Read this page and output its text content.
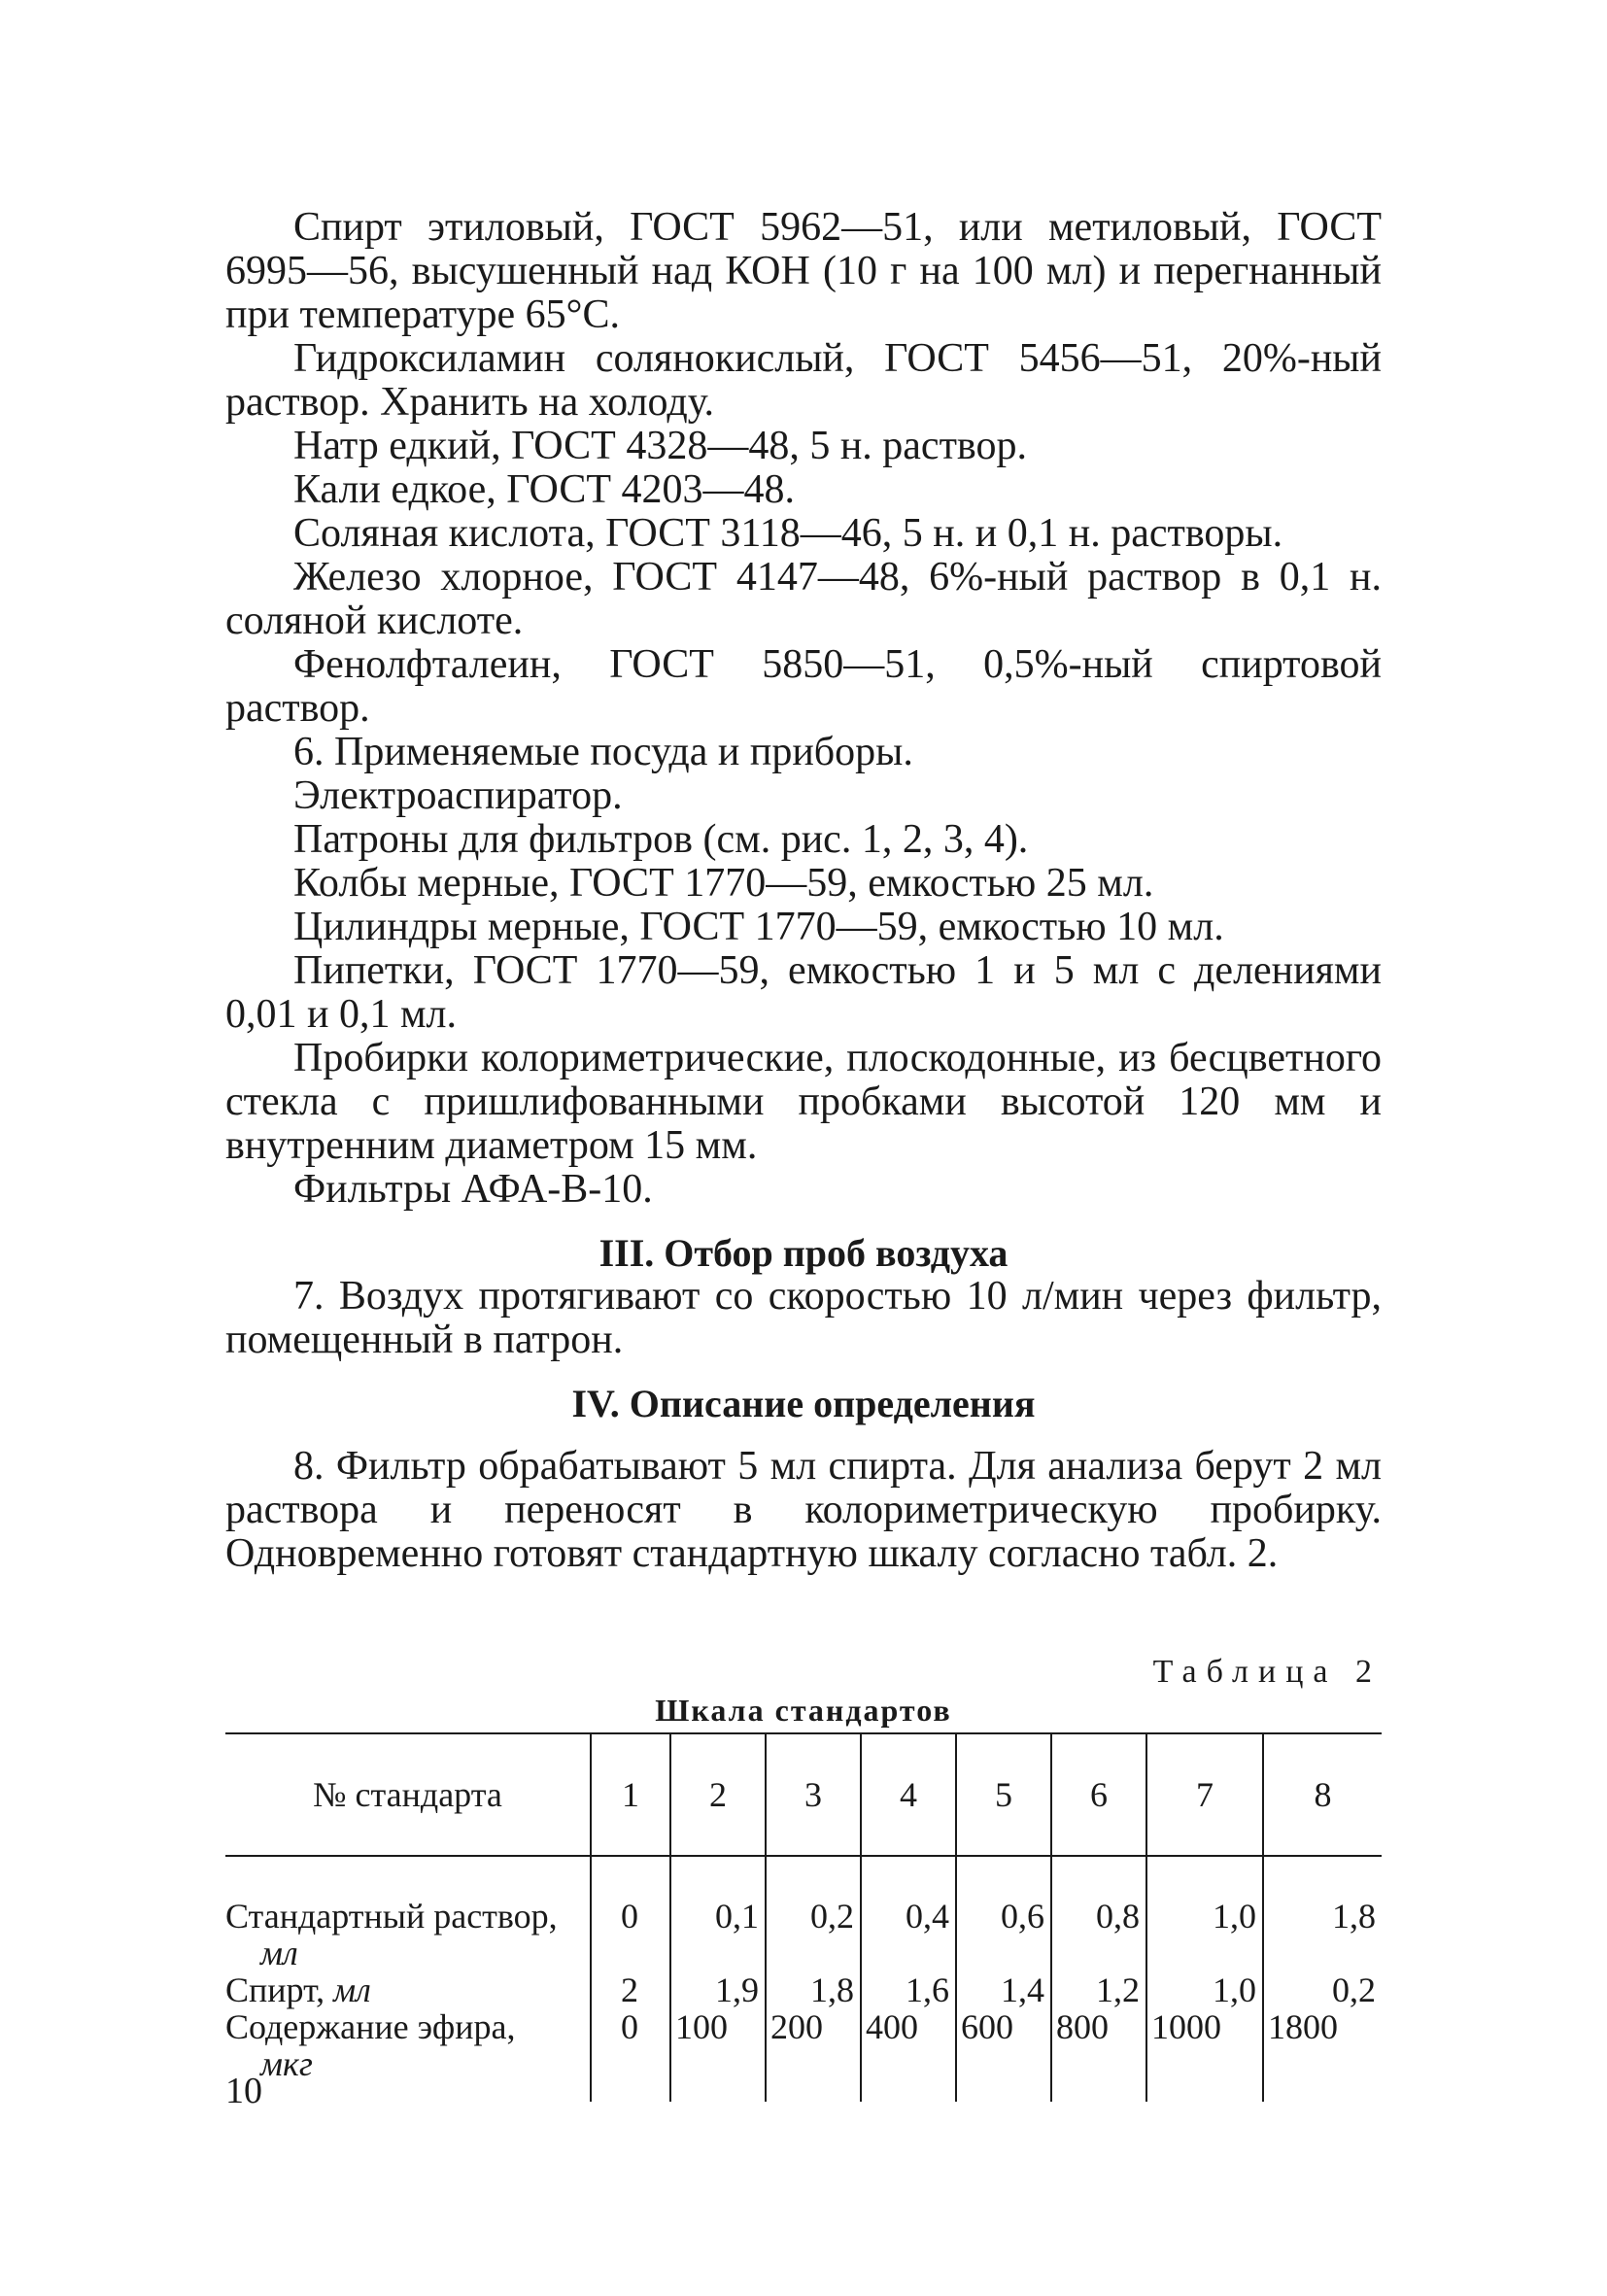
Спирт этиловый, ГОСТ 5962—51, или метиловый, ГОСТ 6995—56, высушенный над КОН (10 г на 100 мл) и перегнанный при температуре 65°С.

Гидроксиламин солянокислый, ГОСТ 5456—51, 20%-ный раствор. Хранить на холоду.

Натр едкий, ГОСТ 4328—48, 5 н. раствор.

Кали едкое, ГОСТ 4203—48.

Соляная кислота, ГОСТ 3118—46, 5 н. и 0,1 н. растворы.

Железо хлорное, ГОСТ 4147—48, 6%-ный раствор в 0,1 н. соляной кислоте.

Фенолфталеин, ГОСТ 5850—51, 0,5%-ный спиртовой раствор.

6. Применяемые посуда и приборы.

Электроаспиратор.

Патроны для фильтров (см. рис. 1, 2, 3, 4).

Колбы мерные, ГОСТ 1770—59, емкостью 25 мл.

Цилиндры мерные, ГОСТ 1770—59, емкостью 10 мл.

Пипетки, ГОСТ 1770—59, емкостью 1 и 5 мл с делениями 0,01 и 0,1 мл.

Пробирки колориметрические, плоскодонные, из бесцветного стекла с пришлифованными пробками высотой 120 мм и внутренним диаметром 15 мм.

Фильтры АФА-В-10.

III. Отбор проб воздуха

7. Воздух протягивают со скоростью 10 л/мин через фильтр, помещенный в патрон.

IV. Описание определения

8. Фильтр обрабатывают 5 мл спирта. Для анализа берут 2 мл раствора и переносят в колориметрическую пробирку. Одновременно готовят стандартную шкалу согласно табл. 2.

Таблица 2
Шкала стандартов
№ стандарта	1	2	3	4	5	6	7	8

Стандартный раствор,
мл	0	0,1	0,2	0,4	0,6	0,8	1,0	1,8
Спирт, мл	2	1,9	1,8	1,6	1,4	1,2	1,0	0,2

Содержание эфира,
мкг	0	100	200	400	600	800	1000	1800
10
